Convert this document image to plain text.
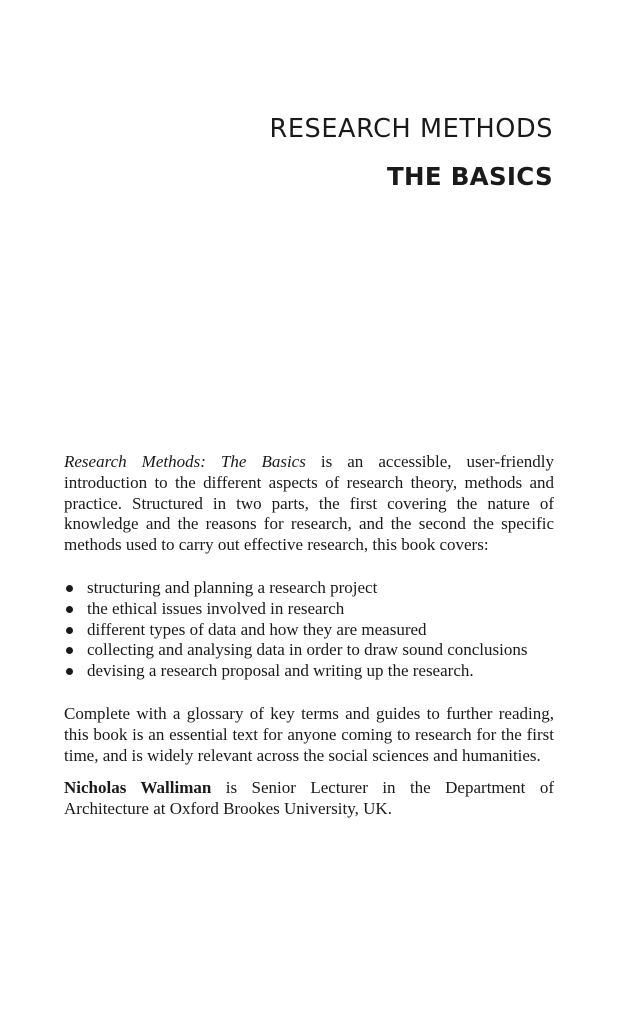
RESEARCH METHODS
THE BASICS

Research Methods: The Basics is an accessible, user-friendly introduction to the different aspects of research theory, methods and practice. Structured in two parts, the first covering the nature of knowledge and the reasons for research, and the second the specific methods used to carry out effective research, this book covers:

structuring and planning a research project
the ethical issues involved in research
different types of data and how they are measured
collecting and analysing data in order to draw sound conclusions
devising a research proposal and writing up the research.

Complete with a glossary of key terms and guides to further reading, this book is an essential text for anyone coming to research for the first time, and is widely relevant across the social sciences and humanities.

Nicholas Walliman is Senior Lecturer in the Department of Architecture at Oxford Brookes University, UK.
